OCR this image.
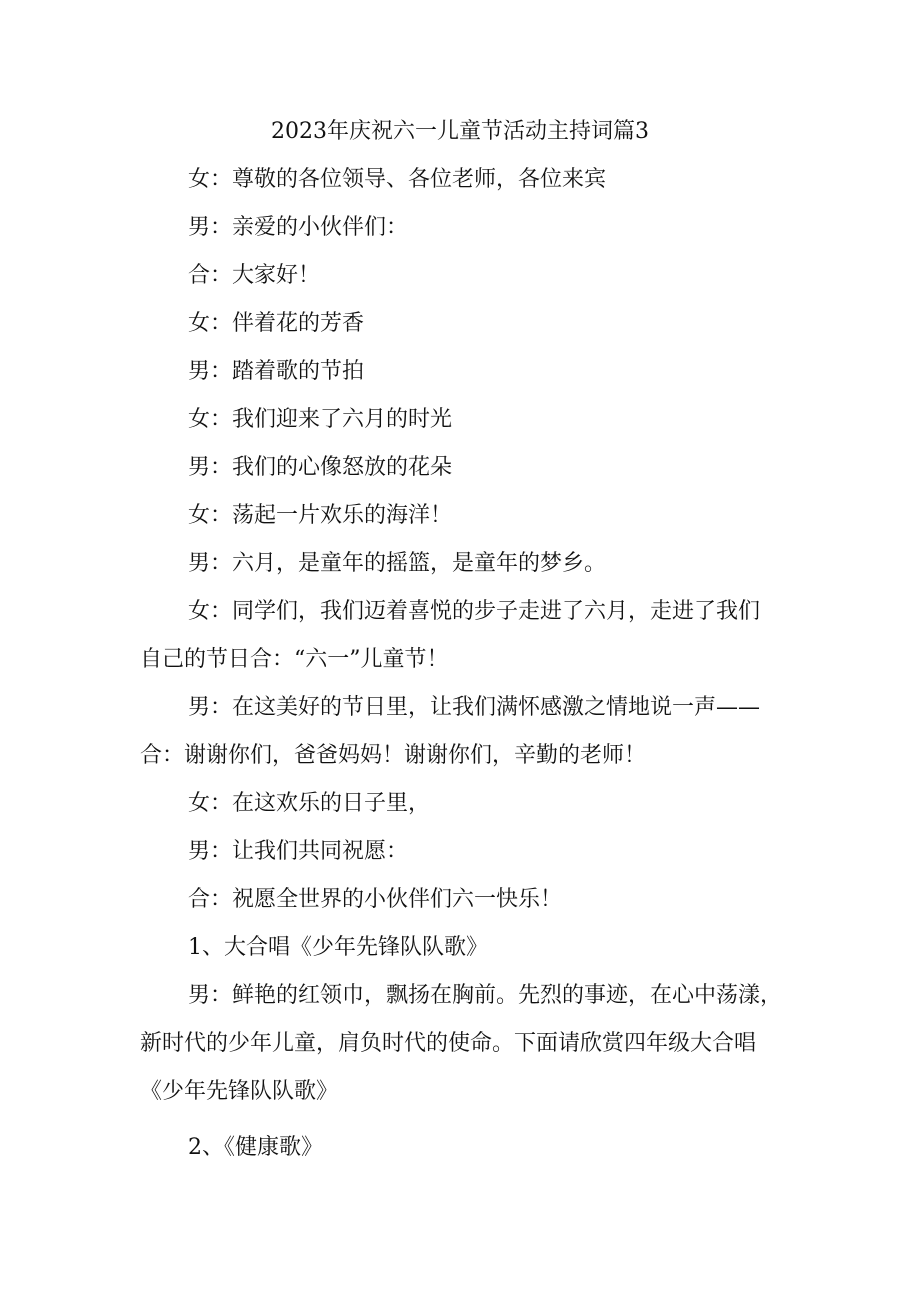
2023年庆祝六一儿童节活动主持词篇3
女：尊敬的各位领导、各位老师，各位来宾
男：亲爱的小伙伴们：
合：大家好！
女：伴着花的芳香
男：踏着歌的节拍
女：我们迎来了六月的时光
男：我们的心像怒放的花朵
女：荡起一片欢乐的海洋！
男：六月，是童年的摇篮，是童年的梦乡。
女：同学们，我们迈着喜悦的步子走进了六月，走进了我们
自己的节日合：“六一”儿童节！
男：在这美好的节日里，让我们满怀感激之情地说一声——
合：谢谢你们，爸爸妈妈！谢谢你们，辛勤的老师！
女：在这欢乐的日子里，
男：让我们共同祝愿：
合：祝愿全世界的小伙伴们六一快乐！
1、大合唱《少年先锋队队歌》
男：鲜艳的红领巾，飘扬在胸前。先烈的事迹，在心中荡漾，
新时代的少年儿童，肩负时代的使命。下面请欣赏四年级大合唱
《少年先锋队队歌》
2、《健康歌》
